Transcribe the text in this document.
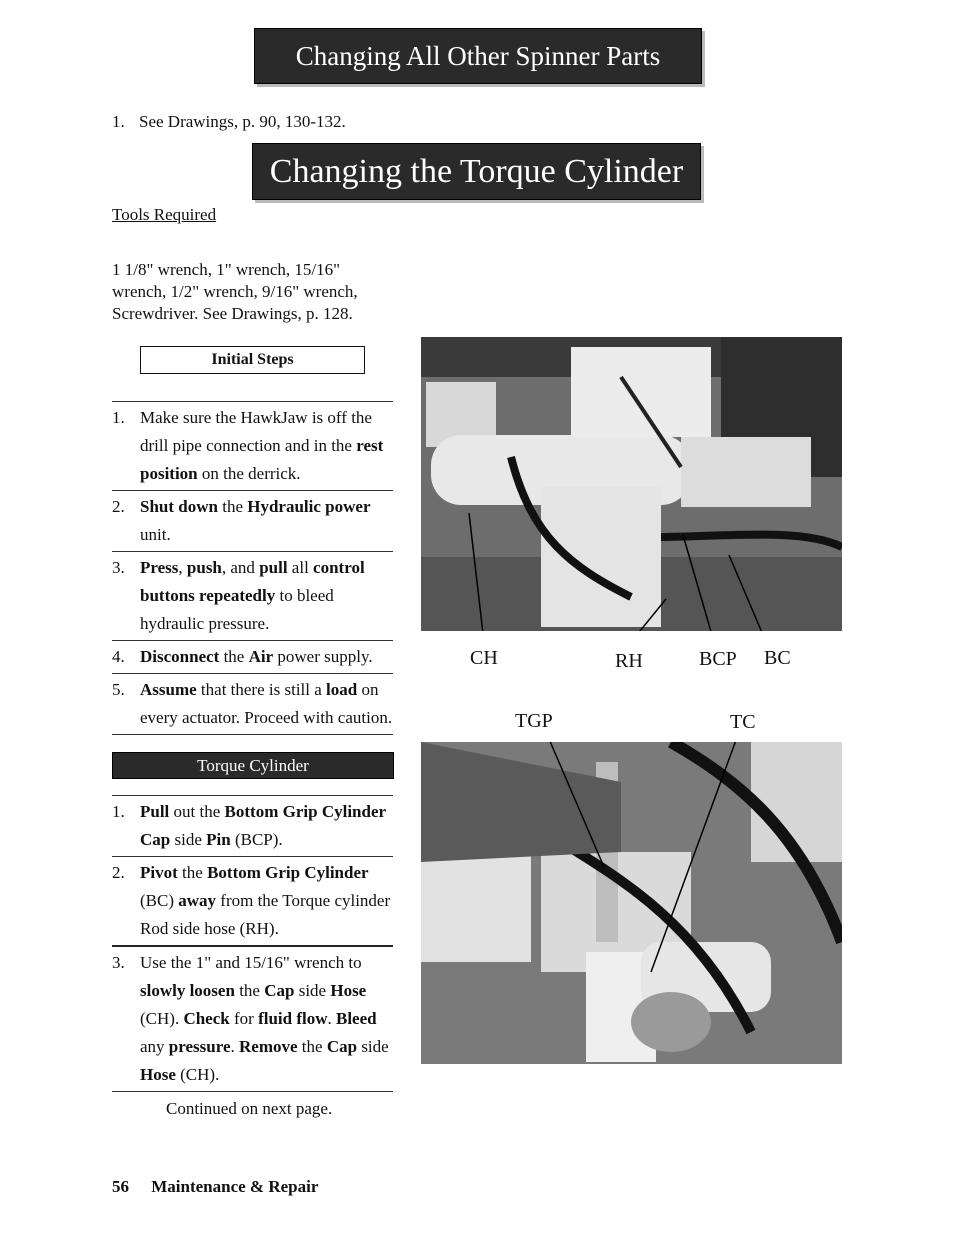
Changing All Other Spinner Parts
1. See Drawings, p. 90, 130-132.
Changing the Torque Cylinder
Tools Required
1 1/8" wrench, 1" wrench, 15/16"
wrench, 1/2" wrench, 9/16" wrench,
Screwdriver. See Drawings, p. 128.
Initial Steps
1. Make sure the HawkJaw is off the drill pipe connection and in the rest position on the derrick.
2. Shut down the Hydraulic power unit.
3. Press, push, and pull all control buttons repeatedly to bleed hydraulic pressure.
4. Disconnect the Air power supply.
5. Assume that there is still a load on every actuator. Proceed with caution.
Torque Cylinder
1. Pull out the Bottom Grip Cylinder Cap side Pin (BCP).
2. Pivot the Bottom Grip Cylinder (BC) away from the Torque cylinder Rod side hose (RH).
3. Use the 1" and 15/16" wrench to slowly loosen the Cap side Hose (CH). Check for fluid flow. Bleed any pressure. Remove the Cap side Hose (CH).
Continued on next page.
CH	RH	BCP BC
TGP	TC
56 Maintenance & Repair
